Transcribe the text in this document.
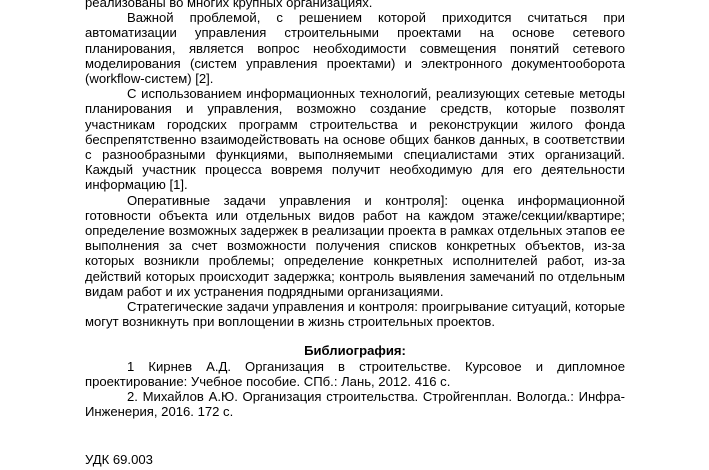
реализованы во многих крупных организациях.

Важной проблемой, с решением которой приходится считаться при автоматизации управления строительными проектами на основе сетевого планирования, является вопрос необходимости совмещения понятий сетевого моделирования (систем управления проектами) и электронного документооборота (workflow-систем) [2].

С использованием информационных технологий, реализующих сетевые методы планирования и управления, возможно создание средств, которые позволят участникам городских программ строительства и реконструкции жилого фонда беспрепятственно взаимодействовать на основе общих банков данных, в соответствии с разнообразными функциями, выполняемыми специалистами этих организаций. Каждый участник процесса вовремя получит необходимую для его деятельности информацию [1].

Оперативные задачи управления и контроля]: оценка информационной готовности объекта или отдельных видов работ на каждом этаже/секции/квартире; определение возможных задержек в реализации проекта в рамках отдельных этапов ее выполнения за счет возможности получения списков конкретных объектов, из-за которых возникли проблемы; определение конкретных исполнителей работ, из-за действий которых происходит задержка; контроль выявления замечаний по отдельным видам работ и их устранения подрядными организациями.

Стратегические задачи управления и контроля: проигрывание ситуаций, которые могут возникнуть при воплощении в жизнь строительных проектов.

Библиография:
1 Кирнев А.Д. Организация в строительстве. Курсовое и дипломное проектирование: Учебное пособие. СПб.: Лань, 2012. 416 с.
2. Михайлов А.Ю. Организация строительства. Стройгенплан. Вологда.: Инфра-Инженерия, 2016. 172 с.
УДК 69.003
